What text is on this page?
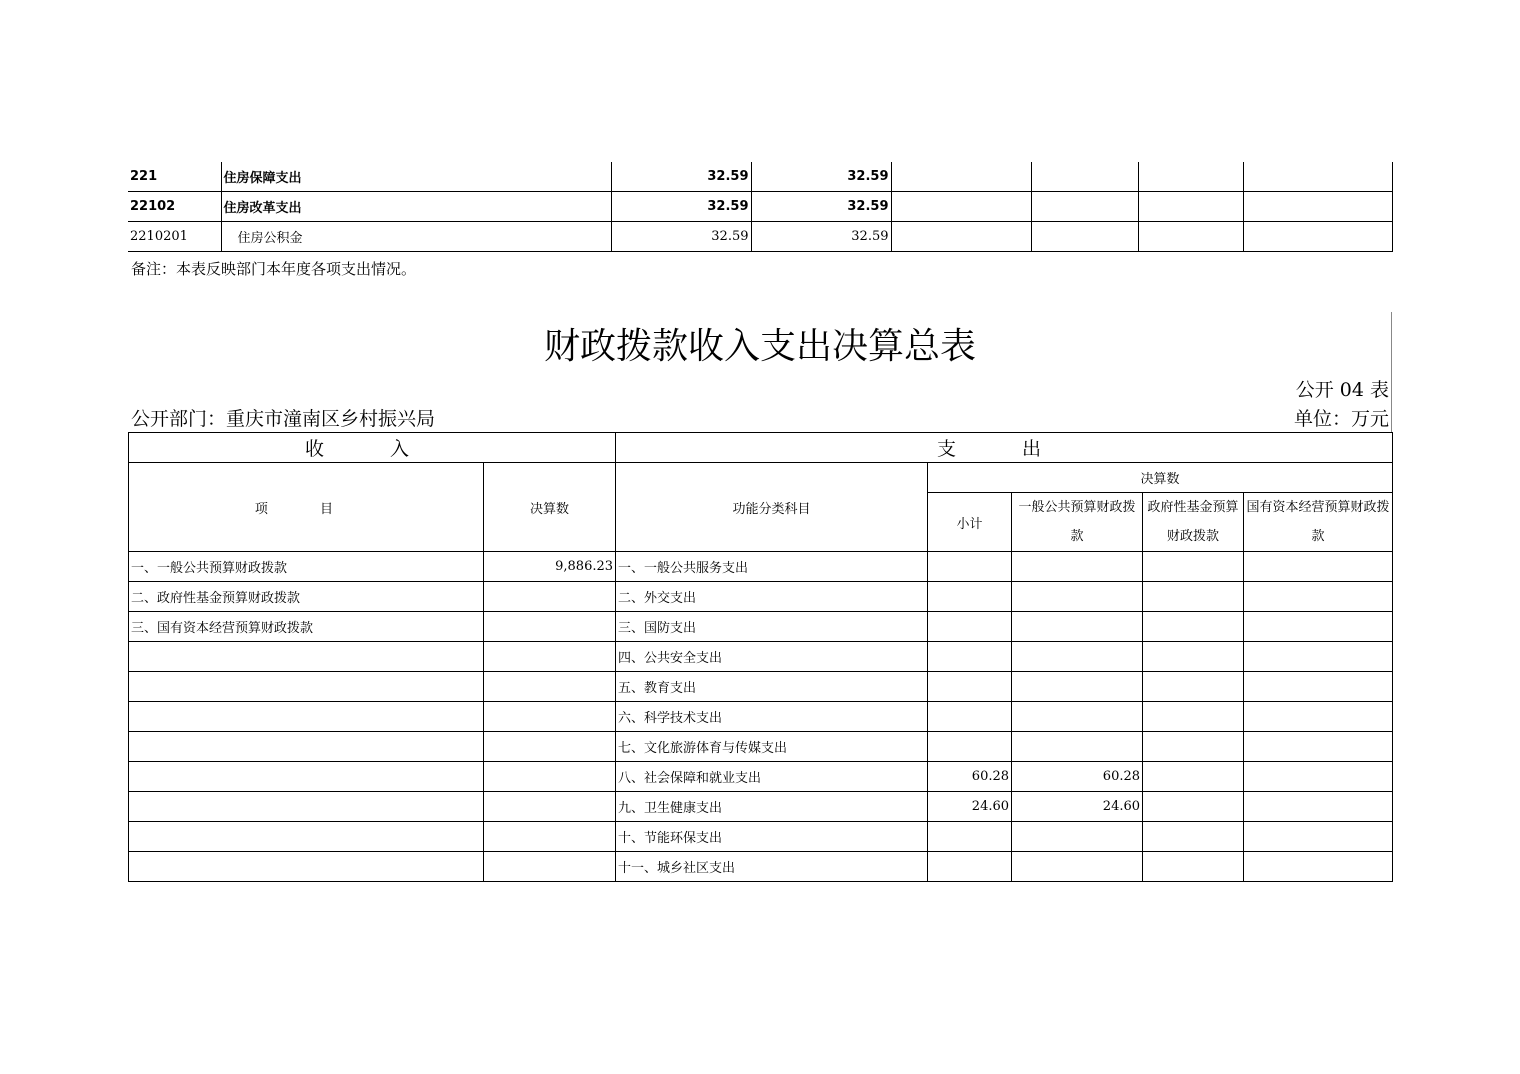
221	住房保障支出	32.59	32.59				
22102	住房改革支出	32.59	32.59				
2210201	住房公积金	32.59	32.59				
备注：本表反映部门本年度各项支出情况。
财政拨款收入支出决算总表
公开 04 表
公开部门：重庆市潼南区乡村振兴局	单位：万元
收 入		支 出				
项 目	决算数	功能分类科目	决算数			
			小计	一般公共预算财政拨款	政府性基金预算财政拨款	国有资本经营预算财政拨款
一、一般公共预算财政拨款	9,886.23	一、一般公共服务支出				
二、政府性基金预算财政拨款		二、外交支出				
三、国有资本经营预算财政拨款		三、国防支出				
		四、公共安全支出				
		五、教育支出				
		六、科学技术支出				
		七、文化旅游体育与传媒支出				
		八、社会保障和就业支出	60.28	60.28		
		九、卫生健康支出	24.60	24.60		
		十、节能环保支出				
		十一、城乡社区支出				
